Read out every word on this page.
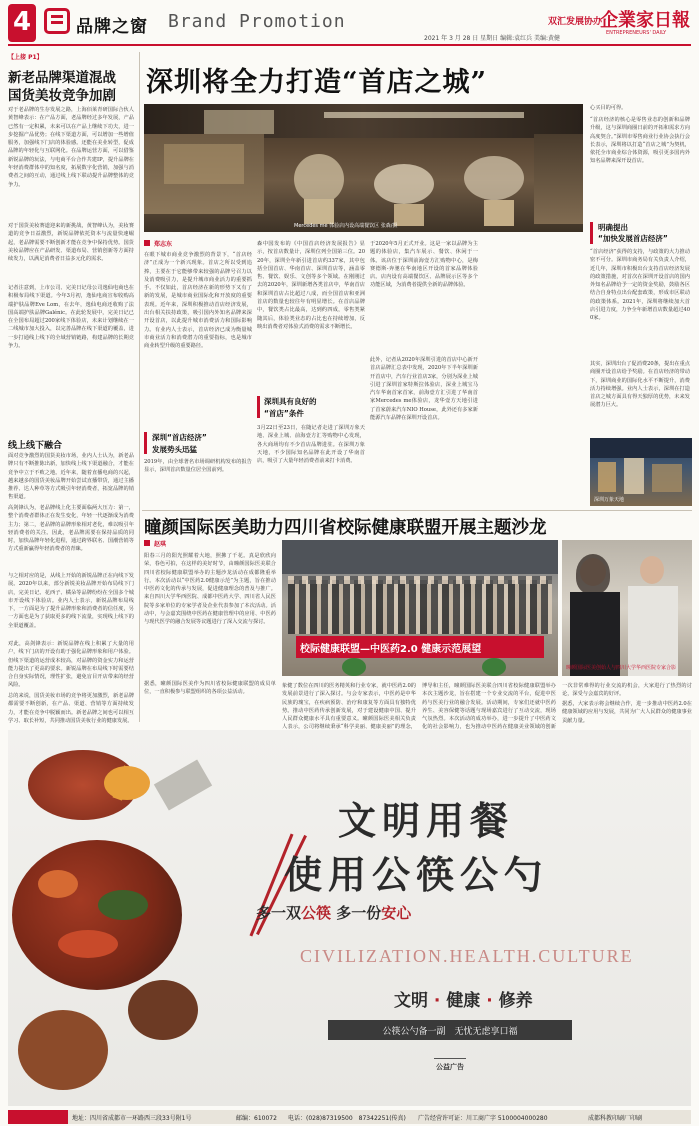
4	品牌之窗 Brand Promotion	双汇发展协办
企業家日報
ENTREPRENEURS' DAILY
2021 年 3 月 28 日 星期日 编辑:袁红兵 美编:黄健
【上接 P1】
新老品牌渠道混战
国货美妆竞争加剧
对于老品牌的生存发展之路，上海佰莱青研国际合伙人黄智峰表示：在产品方面，老品牌经过多年发展，产品已然有一定积累，未来可以在产品上继续下功夫，进一步挖掘产品优势；在线下渠道方面，可以增加一些增值服务，加强线下门店的体验感。还能在美业转型，促成品牌的年轻化与互联网化。在品牌运营方面，可以借鉴新锐品牌的玩法，与电商平台合作共建IP，提升品牌在年轻消费群体中的知名度，拓展数字化营销，加强与消费者之间的互动，通过线上线下联动提升品牌整体的竞争力。
对于国货美妆赛道迎来的新挑战，黄智峰认为，美妆赛道的竞争日益激烈，新锐品牌依托资本与流量快速崛起，老品牌需要不断创新才能在竞争中保持优势。国货美妆品牌应在产品研发、渠道布局、营销创新等方面持续发力，以满足消费者日益多元化的需求。
记者注意到，上市公司、完美日记母公司逸仙电商也在积极布局线下渠道。今年3月初，逸仙电商宣布收购高端护肤品牌Eve Lom，在去年，逸仙电商还收购了法国高端护肤品牌Galénic。在此轮发展中，完美日记已在全国布局超过200家线下体验店，未来计划继续在一二线城市加大投入，以完善品牌在线下渠道的覆盖，进一步打通线上线下的全域营销链路，构建品牌的长期竞争力。
线上线下融合
面对竞争激烈的国货美妆市场，业内人士认为，新老品牌只有不断推陈出新，加快线上线下渠道融合，才能在竞争中立于不败之地。近年来，随着直播电商的兴起，越来越多的国货美妆品牌开始尝试直播带货，通过主播推荐、达人种草等方式吸引年轻消费者，拓宽品牌的销售渠道。
高剑锋认为，老品牌线上化主要面临两大压力：第一，整个消费者群体正在发生变化，年轻一代逐渐成为消费主力；第二，老品牌的品牌形象相对老化，难以吸引年轻消费者的关注。因此，老品牌需要在保持品质的同时，加快品牌年轻化进程，通过跨界联名、国潮营销等方式重新赢得年轻消费者的青睐。
与之相对应的是，从线上开始的新锐品牌正在向线下发展。2020年以来，部分新锐美妆品牌开始布局线下门店，完美日记、花西子、橘朵等品牌纷纷在全国多个城市开设线下体验店。业内人士表示，新锐品牌布局线下，一方面是为了提升品牌形象和消费者的信任度，另一方面也是为了获取更多的线下流量，实现线上线下的全渠道覆盖。
对此，高剑锋表示：新锐品牌在线上积累了大量的用户，线下门店的开设有助于强化品牌形象和用户体验。但线下渠道的运营成本较高，对品牌的资金实力和运营能力提出了更高的要求。新锐品牌在布局线下时需要结合自身实际情况，理性扩张，避免盲目开店带来的经营风险。
总的来说，国货美妆市场的竞争将更加激烈，新老品牌都需要不断创新，在产品、渠道、营销等方面持续发力，才能在竞争中脱颖而出。新老品牌之间也可以相互学习、取长补短，共同推动国货美妆行业的健康发展。
深圳将全力打造“首店之城”
Mercedes me 体验店内设高端餐饮区 张森/摄
心买目的可得。
“首店经济的核心是零售业态的创新和品牌升级，这与深圳商圈日前的开拓和需求方向高度契合。”深圳市零售商业行业协会执行会长表示，深圳将以打造“首店之城”为契机，依托全市商业综合体资源，吸引更多国内外知名品牌来深开设首店。
明确提出
“加快发展首店经济”
“首店经济”获得的支持，与政策的大力推动密不可分。深圳市商务局有关负责人介绍，近几年，深圳市积极出台支持首店经济发展的政策措施，对首次在深圳开设首店的国内外知名品牌给予一定的资金奖励，鼓励各区结合自身特点出台配套政策，形成市区联动的政策体系。2021年，深圳将继续加大首店引进力度，力争全年新增首店数量超过400家。
其实，深圳出台了促消费20条，提出在重点商圈开设首店给予奖励。在首店经济的带动下，深圳商业的国际化水平不断提升，消费活力持续增强。业内人士表示，深圳在打造首店之城方面具有得天独厚的优势，未来发展潜力巨大。
郑志东
在眼下城市商业竞争激烈的背景下，“首店经济”正成为一个新兴现象。首店之所以受到追捧，主要在于它能够带来较强的品牌号召力以及消费吸引力，是提升城市商业活力的重要抓手。不仅如此，首店经济在新的形势下又有了新的发展，是城市商业国际化和开放度的重要表现。近年来，深圳积极推动首店经济发展，出台相关扶持政策，吸引国内外知名品牌来深开设首店，以此提升城市消费活力和国际影响力。有业内人士表示，首店经济已成为衡量城市商业活力和消费潜力的重要指标，也是城市商业转型升级的重要路径。
深圳“首店经济”
发展势头迅猛
2019年，由全球著名市场调研机构发布的报告显示，深圳首店数量位居全国前列。
森中国发布的《中国首店经济发展报告》显示，按首店数量计，深圳位列全国第三位。2020年，深圳全年新引进首店约337家，其中包括全国首店、华南首店、深圳首店等，涵盖零售、餐饮、娱乐、文创等多个领域。在刚刚过去的2020年，深圳新增各类首店中，华南首店和深圳首店占比超过八成，而全国首店和亚洲首店的数量也较往年有明显增长。在首店品牌中，餐饮类占比最高，达到约四成，零售类紧随其后，体验类业态的占比也在持续增加，反映出消费者对体验式消费的需求不断增长。
深圳具有良好的
“首店”条件
3月22日至23日，在随记者走进了深圳万象天地、深业上城、前海壹方汇等购物中心发现，各大商场均有不少首店品牌进驻。在深圳万象天地，不少国际知名品牌在此开设了华南首店，吸引了大量年轻消费者前来打卡消费。
于2020年5月正式开业。这是一家以品牌为主题的体验店，集汽车展示、餐饮、休闲于一体。该店位于深圳前海壹方汇购物中心，是梅赛德斯-奔驰在华南地区开设的首家品牌体验店。店内设有高端餐饮区、品牌展示区等多个功能区域，为消费者提供全新的品牌体验。
此外，记者从2020年深圳引进的首店中心新开首店品牌汇总表中发现，2020年下半年深圳新开首店中，汽车行业首店3家，分别为深业上城引进了深圳首家特斯拉体验店，深业上城宝马汽车华南首家首家，前海壹方汇引进了华南首家Mercedes me体验店，龙华壹方天地引进了首家蔚来汽车NIO House，此外还有多家新能源汽车品牌在深圳开设首店。
深圳万象天地
曈颜国际医美助力四川省校际健康联盟开展主题沙龙
赵琪
阳春三月的阳光照耀着大地，照拂了千花。真是欣欣向荣，春色可拍，在这样的美好时节，由曈颜国际医美联合四川省校际健康联盟举办的主题沙龙活动在成都隆重举行。本次活动以“中医药2.0健康示范”为主题，旨在推动中医药文化的传承与发展，促进健康理念的普及与推广。来自四川大学华西医院、成都中医药大学、四川省人民医院等多家单位的专家学者及企业代表参加了本次活动。活动中，与会嘉宾围绕中医药在健康管理中的应用、中医药与现代医学的融合发展等议题进行了深入交流与探讨。
据悉，曈颜国际医美作为四川省校际健康联盟的成员单位，一直积极参与联盟组织的各项公益活动。
校际健康联盟—中医药2.0 健康示范展望
曈颜国际医美创始人与四川大学华西医院专家合影
象健了数位在四川的医务精英和行业专家，就中医药2.0的发展前景进行了深入探讨。与会专家表示，中医药是中华民族的瑰宝，在疾病预防、治疗和康复等方面具有独特优势。推动中医药传承创新发展，对于建设健康中国、提升人民群众健康水平具有重要意义。曈颜国际医美相关负责人表示，公司将继续秉承“科学美丽、健康美丽”的理念，
博导和主任，曈颜国际医美联合四川省校际健康联盟举办本次主题沙龙，旨在搭建一个专业交流的平台，促进中医药与医美行业的融合发展。活动期间，专家们还就中医药养生、美容保健等话题与现场嘉宾进行了互动交流，现场气氛热烈。本次活动的成功举办，进一步提升了中医药文化的社会影响力，也为推动中医药在健康美业领域的创新
一次非常难得的行业交流的机会，大家进行了热烈的讨论，深受与会嘉宾的好评。
据悉，大家表示将会继续合作，进一步推动中医药2.0在健康领域的应用与发展，共同为广大人民群众的健康事业贡献力量。
文明用餐
使用公筷公勺
多一双公筷 多一份安心
CIVILIZATION.HEALTH.CULTURE
文明 · 健康 · 修养
公筷公勺备一副　无忧无虑享口福
公益广告
地址：四川省成都市一环路西三段33号附1号	邮编：610072 电话：(028)87319500　87342251(传真) 广告经营许可证：川工商广字 5100004000280	成都科教印刷厂印刷
